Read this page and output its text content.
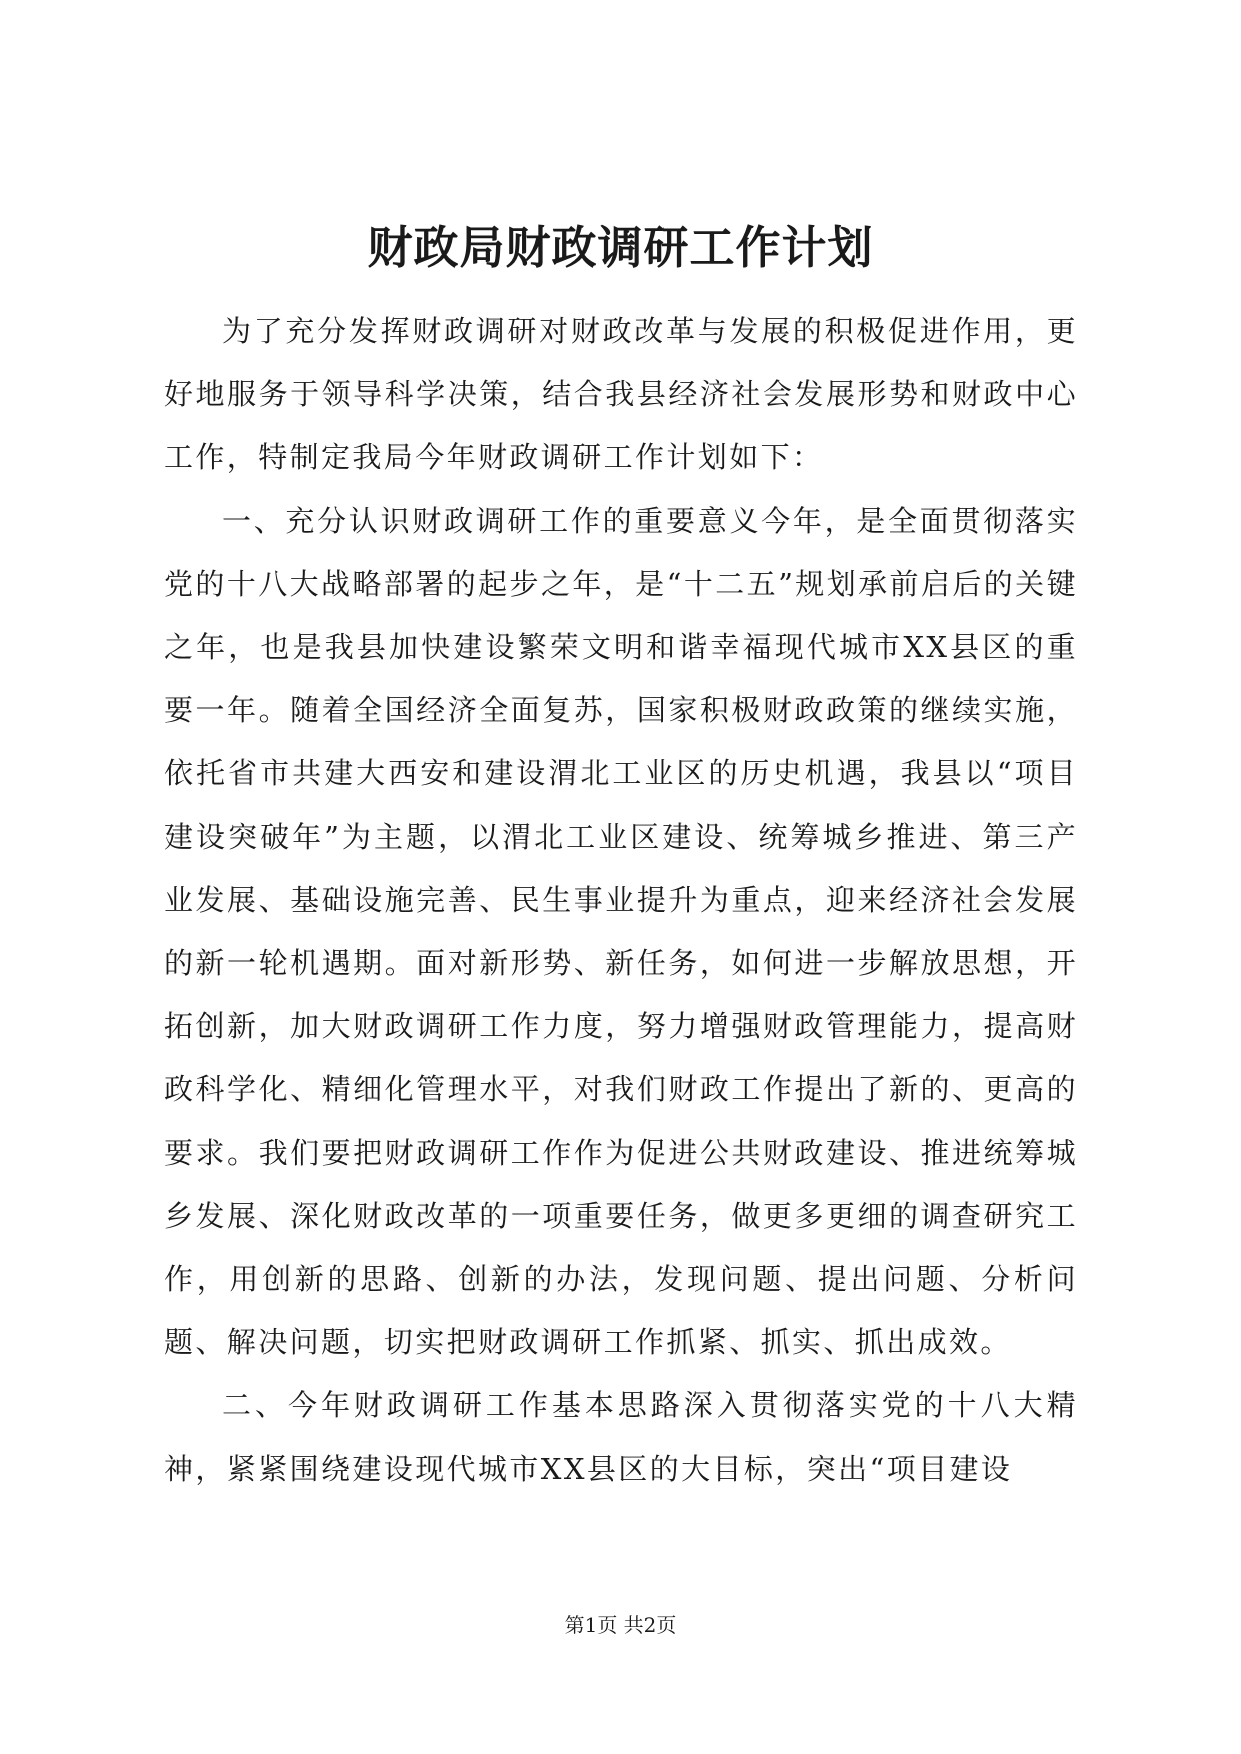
财政局财政调研工作计划

为了充分发挥财政调研对财政改革与发展的积极促进作用，更好地服务于领导科学决策，结合我县经济社会发展形势和财政中心工作，特制定我局今年财政调研工作计划如下：

一、充分认识财政调研工作的重要意义今年，是全面贯彻落实党的十八大战略部署的起步之年，是“十二五”规划承前启后的关键之年，也是我县加快建设繁荣文明和谐幸福现代城市XX县区的重要一年。随着全国经济全面复苏，国家积极财政政策的继续实施，依托省市共建大西安和建设渭北工业区的历史机遇，我县以“项目建设突破年”为主题，以渭北工业区建设、统筹城乡推进、第三产业发展、基础设施完善、民生事业提升为重点，迎来经济社会发展的新一轮机遇期。面对新形势、新任务，如何进一步解放思想，开拓创新，加大财政调研工作力度，努力增强财政管理能力，提高财政科学化、精细化管理水平，对我们财政工作提出了新的、更高的要求。我们要把财政调研工作作为促进公共财政建设、推进统筹城乡发展、深化财政改革的一项重要任务，做更多更细的调查研究工作，用创新的思路、创新的办法，发现问题、提出问题、分析问题、解决问题，切实把财政调研工作抓紧、抓实、抓出成效。

二、今年财政调研工作基本思路深入贯彻落实党的十八大精神，紧紧围绕建设现代城市XX县区的大目标，突出“项目建设

第1页 共2页
